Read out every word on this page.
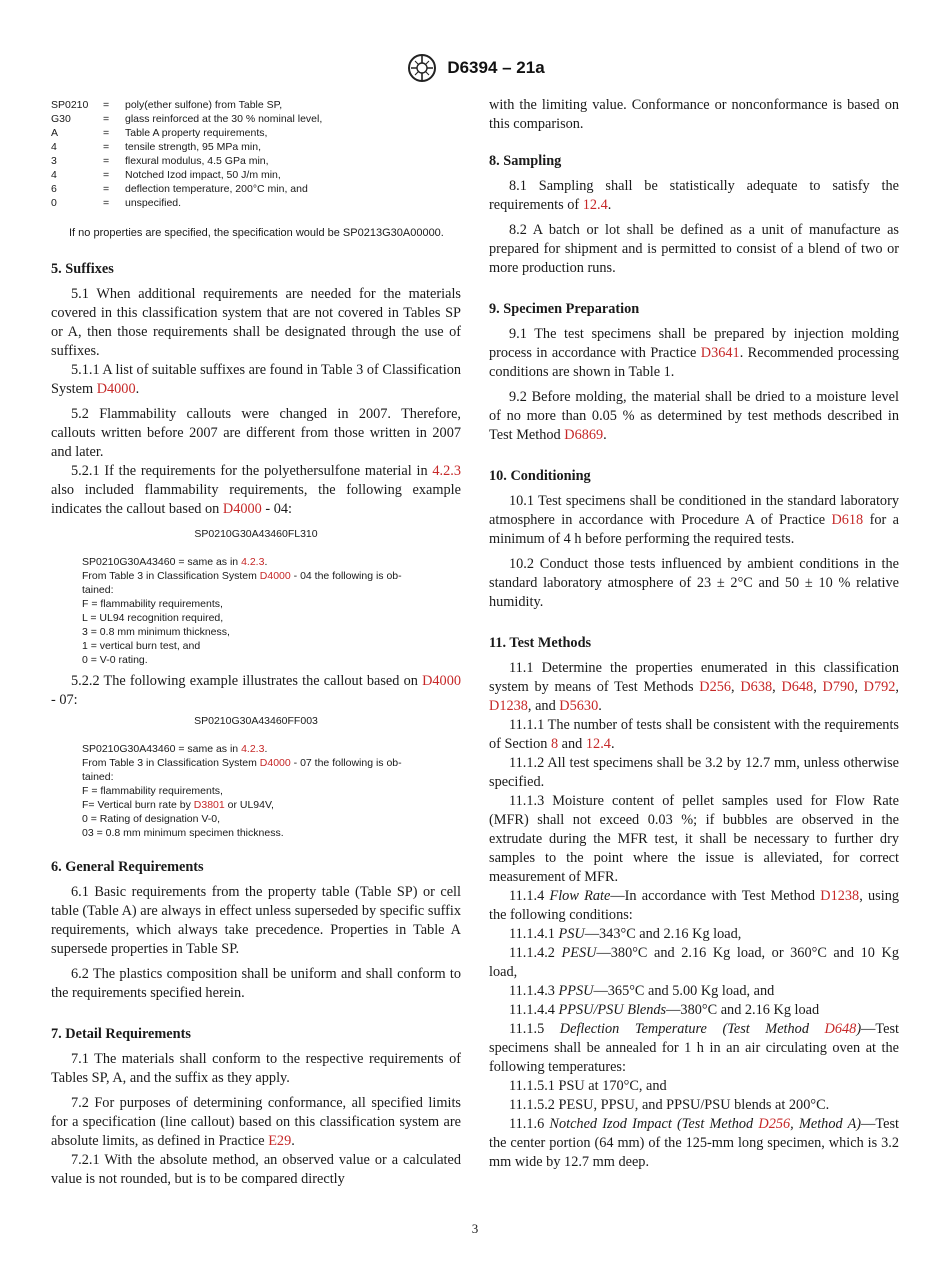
D6394 – 21a
SP0210	=	poly(ether sulfone) from Table SP,
G30	=	glass reinforced at the 30 % nominal level,
A	=	Table A property requirements,
4	=	tensile strength, 95 MPa min,
3	=	flexural modulus, 4.5 GPa min,
4	=	Notched Izod impact, 50 J/m min,
6	=	deflection temperature, 200°C min, and
0	=	unspecified.

If no properties are specified, the specification would be SP0213G30A00000.

5. Suffixes

5.1 When additional requirements are needed for the materials covered in this classification system that are not covered in Tables SP or A, then those requirements shall be designated through the use of suffixes.

5.1.1 A list of suitable suffixes are found in Table 3 of Classification System D4000.

5.2 Flammability callouts were changed in 2007. Therefore, callouts written before 2007 are different from those written in 2007 and later.

5.2.1 If the requirements for the polyethersulfone material in 4.2.3 also included flammability requirements, the following example indicates the callout based on D4000 - 04:

SP0210G30A43460FL310
SP0210G30A43460 = same as in 4.2.3.
From Table 3 in Classification System D4000 - 04 the following is ob-
tained:
F = flammability requirements,
L = UL94 recognition required,
3 = 0.8 mm minimum thickness,
1 = vertical burn test, and
0 = V-0 rating.

5.2.2 The following example illustrates the callout based on D4000 - 07:

SP0210G30A43460FF003
SP0210G30A43460 = same as in 4.2.3.
From Table 3 in Classification System D4000 - 07 the following is ob-
tained:
F = flammability requirements,
F= Vertical burn rate by D3801 or UL94V,
0 = Rating of designation V-0,
03 = 0.8 mm minimum specimen thickness.
6. General Requirements

6.1 Basic requirements from the property table (Table SP) or cell table (Table A) are always in effect unless superseded by specific suffix requirements, which always take precedence. Properties in Table A supersede properties in Table SP.

6.2 The plastics composition shall be uniform and shall conform to the requirements specified herein.

7. Detail Requirements

7.1 The materials shall conform to the respective requirements of Tables SP, A, and the suffix as they apply.

7.2 For purposes of determining conformance, all specified limits for a specification (line callout) based on this classification system are absolute limits, as defined in Practice E29.

7.2.1 With the absolute method, an observed value or a calculated value is not rounded, but is to be compared directly

with the limiting value. Conformance or nonconformance is based on this comparison.

8. Sampling

8.1 Sampling shall be statistically adequate to satisfy the requirements of 12.4.

8.2 A batch or lot shall be defined as a unit of manufacture as prepared for shipment and is permitted to consist of a blend of two or more production runs.

9. Specimen Preparation

9.1 The test specimens shall be prepared by injection molding process in accordance with Practice D3641. Recommended processing conditions are shown in Table 1.

9.2 Before molding, the material shall be dried to a moisture level of no more than 0.05 % as determined by test methods described in Test Method D6869.

10. Conditioning

10.1 Test specimens shall be conditioned in the standard laboratory atmosphere in accordance with Procedure A of Practice D618 for a minimum of 4 h before performing the required tests.

10.2 Conduct those tests influenced by ambient conditions in the standard laboratory atmosphere of 23 ± 2°C and 50 ± 10 % relative humidity.

11. Test Methods

11.1 Determine the properties enumerated in this classification system by means of Test Methods D256, D638, D648, D790, D792, D1238, and D5630.

11.1.1 The number of tests shall be consistent with the requirements of Section 8 and 12.4.

11.1.2 All test specimens shall be 3.2 by 12.7 mm, unless otherwise specified.

11.1.3 Moisture content of pellet samples used for Flow Rate (MFR) shall not exceed 0.03 %; if bubbles are observed in the extrudate during the MFR test, it shall be necessary to further dry samples to the point where the issue is alleviated, for correct measurement of MFR.

11.1.4 Flow Rate—In accordance with Test Method D1238, using the following conditions:

11.1.4.1 PSU—343°C and 2.16 Kg load,

11.1.4.2 PESU—380°C and 2.16 Kg load, or 360°C and 10 Kg load,

11.1.4.3 PPSU—365°C and 5.00 Kg load, and

11.1.4.4 PPSU/PSU Blends—380°C and 2.16 Kg load

11.1.5 Deflection Temperature (Test Method D648)—Test specimens shall be annealed for 1 h in an air circulating oven at the following temperatures:

11.1.5.1 PSU at 170°C, and

11.1.5.2 PESU, PPSU, and PPSU/PSU blends at 200°C.

11.1.6 Notched Izod Impact (Test Method D256, Method A)—Test the center portion (64 mm) of the 125-mm long specimen, which is 3.2 mm wide by 12.7 mm deep.

3
